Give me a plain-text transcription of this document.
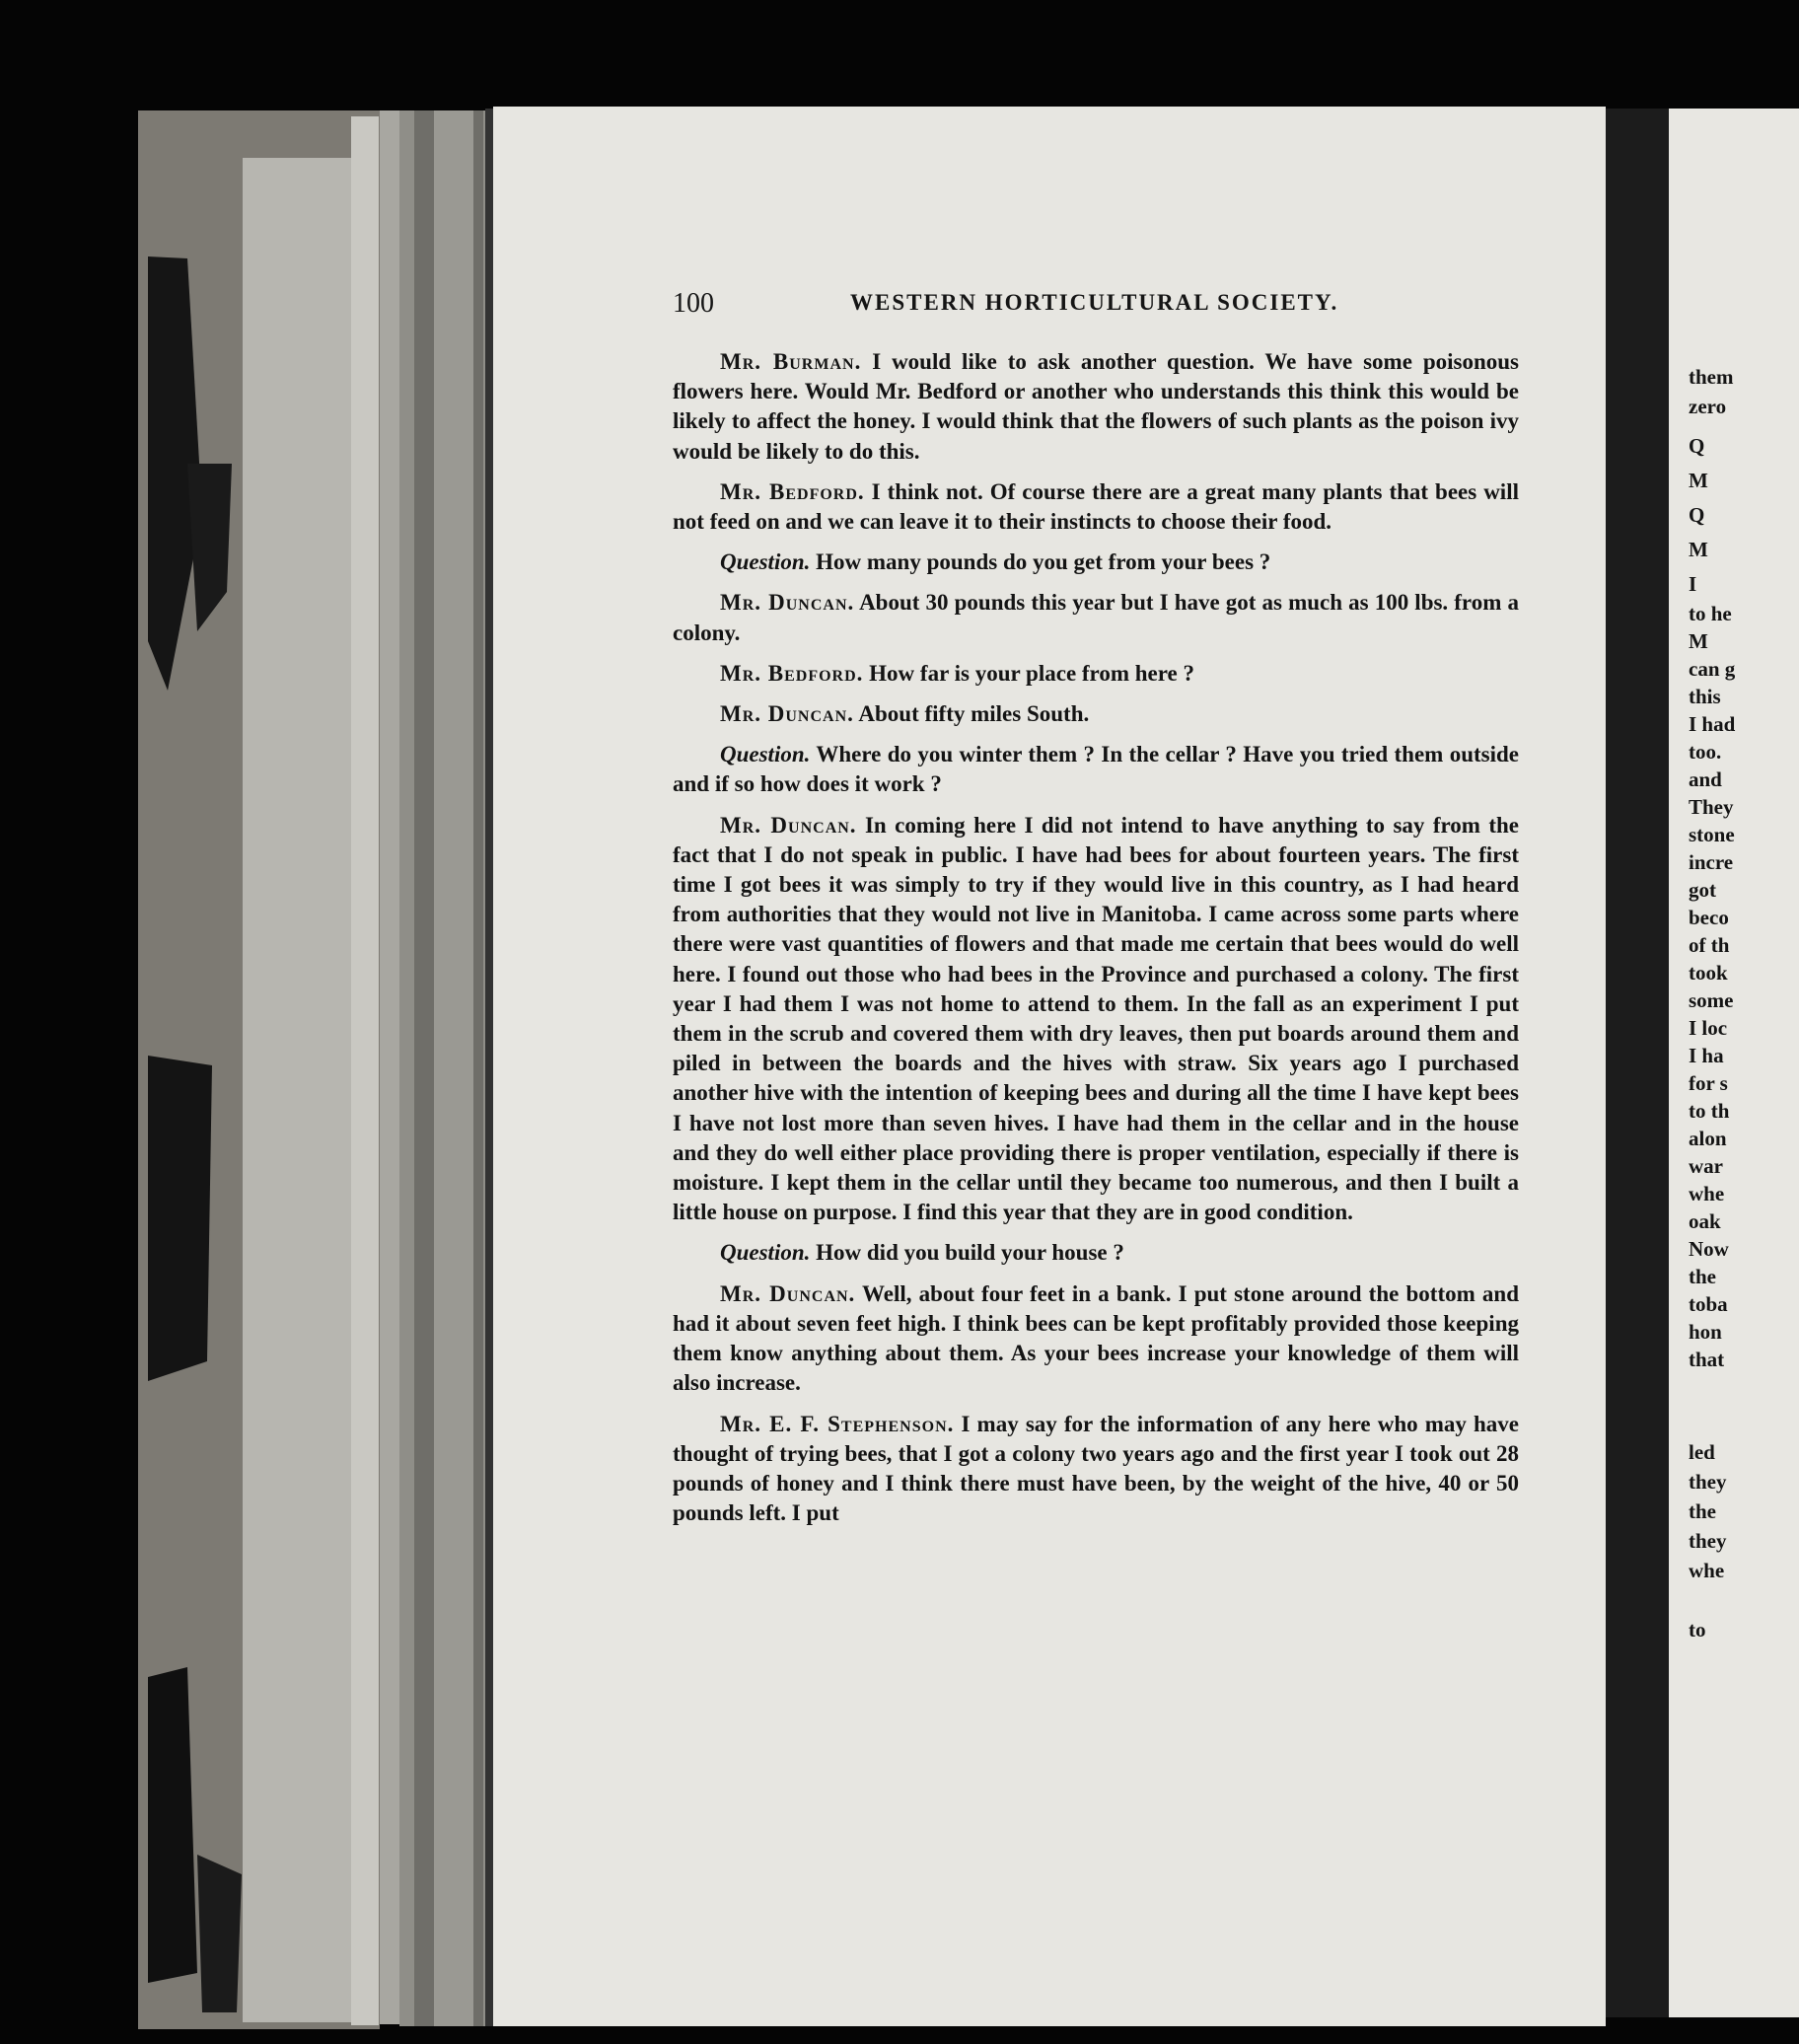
100	WESTERN HORTICULTURAL SOCIETY.

Mr. Burman. I would like to ask another question. We have some poisonous flowers here. Would Mr. Bedford or another who understands this think this would be likely to affect the honey. I would think that the flowers of such plants as the poison ivy would be likely to do this.

Mr. Bedford. I think not. Of course there are a great many plants that bees will not feed on and we can leave it to their instincts to choose their food.

Question. How many pounds do you get from your bees ?

Mr. Duncan. About 30 pounds this year but I have got as much as 100 lbs. from a colony.

Mr. Bedford. How far is your place from here ?

Mr. Duncan. About fifty miles South.

Question. Where do you winter them ? In the cellar ? Have you tried them outside and if so how does it work ?

Mr. Duncan. In coming here I did not intend to have anything to say from the fact that I do not speak in public. I have had bees for about fourteen years. The first time I got bees it was simply to try if they would live in this country, as I had heard from authorities that they would not live in Manitoba. I came across some parts where there were vast quantities of flowers and that made me certain that bees would do well here. I found out those who had bees in the Province and purchased a colony. The first year I had them I was not home to attend to them. In the fall as an experiment I put them in the scrub and covered them with dry leaves, then put boards around them and piled in between the boards and the hives with straw. Six years ago I purchased another hive with the intention of keeping bees and during all the time I have kept bees I have not lost more than seven hives. I have had them in the cellar and in the house and they do well either place providing there is proper ventilation, especially if there is moisture. I kept them in the cellar until they became too numerous, and then I built a little house on purpose. I find this year that they are in good condition.

Question. How did you build your house ?

Mr. Duncan. Well, about four feet in a bank. I put stone around the bottom and had it about seven feet high. I think bees can be kept profitably provided those keeping them know anything about them. As your bees increase your knowledge of them will also increase.

Mr. E. F. Stephenson. I may say for the information of any here who may have thought of trying bees, that I got a colony two years ago and the first year I took out 28 pounds of honey and I think there must have been, by the weight of the hive, 40 or 50 pounds left. I put

them
zero
Q
M
Q
M
I
to he
M
can g
this
I had
too.
and
They
stone
incre
got
beco
of th
took
some
I loc
I ha
for s
to th
alon
war
whe
oak
Now
the
toba
hon
that
led
they
the
they
whe
to
